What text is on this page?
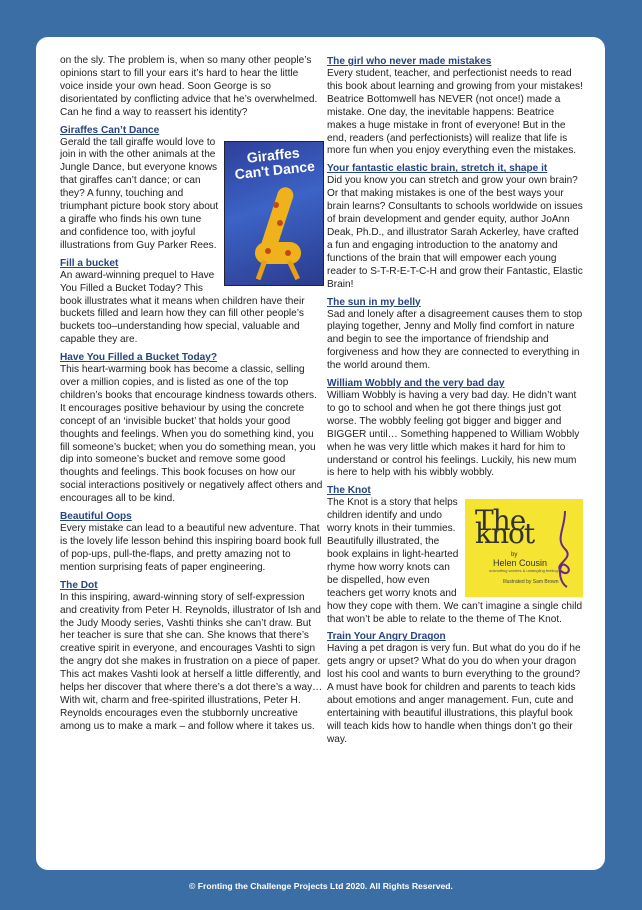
on the sly. The problem is, when so many other people’s opinions start to fill your ears it’s hard to hear the little voice inside your own head. Soon George is so disorientated by conflicting advice that he’s overwhelmed. Can he find a way to reassert his identity?

Giraffes Can’t Dance
Giraffes Can't Dance

Gerald the tall giraffe would love to join in with the other animals at the Jungle Dance, but everyone knows that giraffes can’t dance; or can they? A funny, touching and triumphant picture book story about a giraffe who finds his own tune and confidence too, with joyful illustrations from Guy Parker Rees.

Fill a bucket

An award-winning prequel to Have You Filled a Bucket Today? This book illustrates what it means when children have their buckets filled and learn how they can fill other people’s buckets too–understanding how special, valuable and capable they are.

Have You Filled a Bucket Today?

This heart-warming book has become a classic, selling over a million copies, and is listed as one of the top children’s books that encourage kindness towards others. It encourages positive behaviour by using the concrete concept of an ‘invisible bucket’ that holds your good thoughts and feelings. When you do something kind, you fill someone’s bucket; when you do something mean, you dip into someone’s bucket and remove some good thoughts and feelings. This book focuses on how our social interactions positively or negatively affect others and encourages all to be kind.

Beautiful Oops

Every mistake can lead to a beautiful new adventure. That is the lovely life lesson behind this inspiring board book full of pop-ups, pull-the-flaps, and pretty amazing not to mention surprising feats of paper engineering.

The Dot

In this inspiring, award-winning story of self-expression and creativity from Peter H. Reynolds, illustrator of Ish and the Judy Moody series, Vashti thinks she can’t draw. But her teacher is sure that she can. She knows that there’s creative spirit in everyone, and encourages Vashti to sign the angry dot she makes in frustration on a piece of paper. This act makes Vashti look at herself a little differently, and helps her discover that where there’s a dot there’s a way… With wit, charm and free-spirited illustrations, Peter H. Reynolds encourages even the stubbornly uncreative among us to make a mark – and follow where it takes us.

The girl who never made mistakes

Every student, teacher, and perfectionist needs to read this book about learning and growing from your mistakes! Beatrice Bottomwell has NEVER (not once!) made a mistake. One day, the inevitable happens: Beatrice makes a huge mistake in front of everyone! But in the end, readers (and perfectionists) will realize that life is more fun when you enjoy everything even the mistakes.

Your fantastic elastic brain, stretch it, shape it

Did you know you can stretch and grow your own brain? Or that making mistakes is one of the best ways your brain learns? Consultants to schools worldwide on issues of brain development and gender equity, author JoAnn Deak, Ph.D., and illustrator Sarah Ackerley, have crafted a fun and engaging introduction to the anatomy and functions of the brain that will empower each young reader to S-T-R-E-T-C-H and grow their Fantastic, Elastic Brain!

The sun in my belly

Sad and lonely after a disagreement causes them to stop playing together, Jenny and Molly find comfort in nature and begin to see the importance of friendship and forgiveness and how they are connected to everything in the world around them.

William Wobbly and the very bad day

William Wobbly is having a very bad day. He didn’t want to go to school and when he got there things just got worse. The wobbly feeling got bigger and bigger and BIGGER until… Something happened to William Wobbly when he was very little which makes it hard for him to understand or control his feelings. Luckily, his new mum is here to help with his wibbly wobbly.

The Knot
The knot
by
Helen Cousin
unknotting worries & untangling feelings
Illustrated by Sam Brown

The Knot is a story that helps children identify and undo worry knots in their tummies. Beautifully illustrated, the book explains in light-hearted rhyme how worry knots can be dispelled, how even teachers get worry knots and how they cope with them. We can’t imagine a single child that won’t be able to relate to the theme of The Knot.

Train Your Angry Dragon

Having a pet dragon is very fun. But what do you do if he gets angry or upset? What do you do when your dragon lost his cool and wants to burn everything to the ground? A must have book for children and parents to teach kids about emotions and anger management. Fun, cute and entertaining with beautiful illustrations, this playful book will teach kids how to handle when things don’t go their way.

© Fronting the Challenge Projects Ltd 2020. All Rights Reserved.
